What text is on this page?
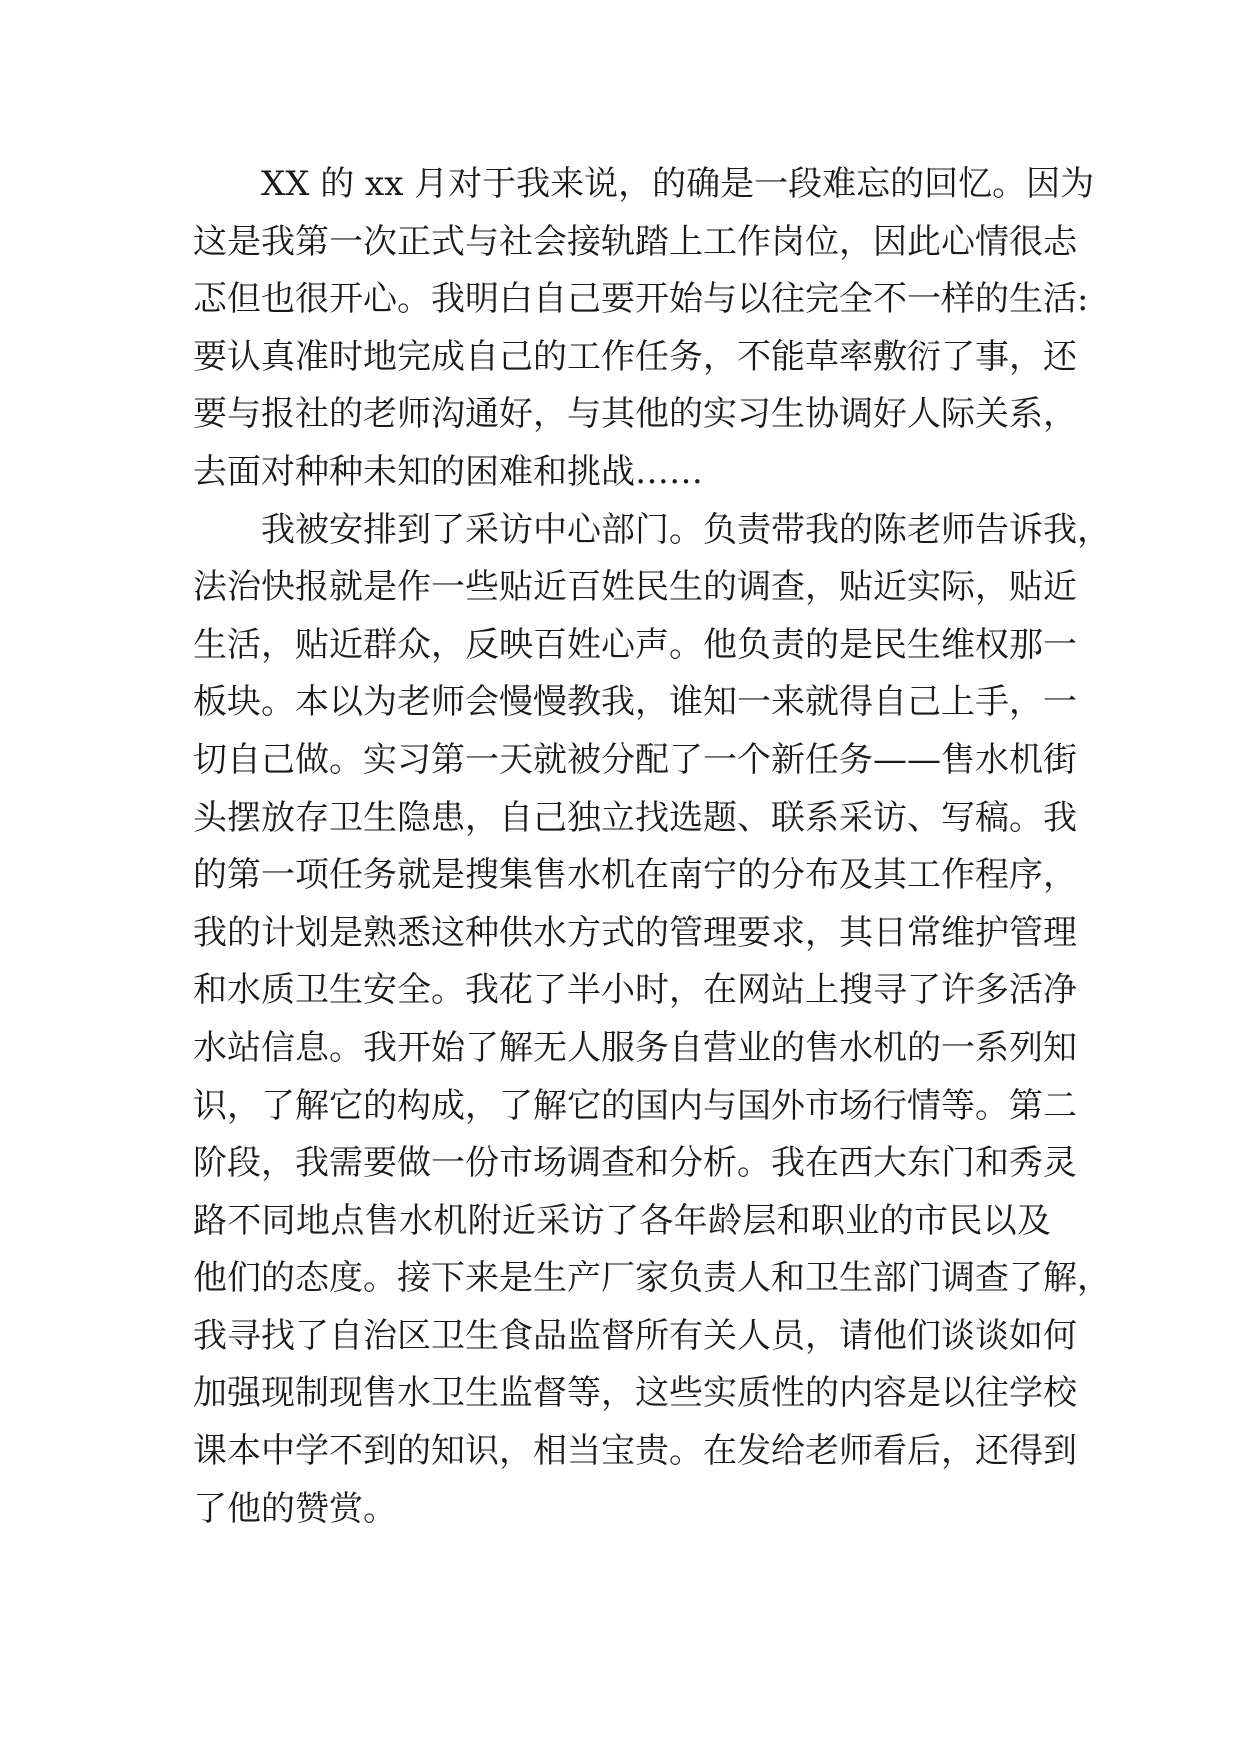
XX 的 xx 月对于我来说，的确是一段难忘的回忆。因为
这是我第一次正式与社会接轨踏上工作岗位，因此心情很忐
忑但也很开心。我明白自己要开始与以往完全不一样的生活:
要认真准时地完成自己的工作任务，不能草率敷衍了事，还
要与报社的老师沟通好，与其他的实习生协调好人际关系，
去面对种种未知的困难和挑战……
我被安排到了采访中心部门。负责带我的陈老师告诉我，
法治快报就是作一些贴近百姓民生的调查，贴近实际，贴近
生活，贴近群众，反映百姓心声。他负责的是民生维权那一
板块。本以为老师会慢慢教我，谁知一来就得自己上手，一
切自己做。实习第一天就被分配了一个新任务——售水机街
头摆放存卫生隐患，自己独立找选题、联系采访、写稿。我
的第一项任务就是搜集售水机在南宁的分布及其工作程序，
我的计划是熟悉这种供水方式的管理要求，其日常维护管理
和水质卫生安全。我花了半小时，在网站上搜寻了许多活净
水站信息。我开始了解无人服务自营业的售水机的一系列知
识，了解它的构成，了解它的国内与国外市场行情等。第二
阶段，我需要做一份市场调查和分析。我在西大东门和秀灵
路不同地点售水机附近采访了各年龄层和职业的市民以及
他们的态度。接下来是生产厂家负责人和卫生部门调查了解，
我寻找了自治区卫生食品监督所有关人员，请他们谈谈如何
加强现制现售水卫生监督等，这些实质性的内容是以往学校
课本中学不到的知识，相当宝贵。在发给老师看后，还得到
了他的赞赏。
